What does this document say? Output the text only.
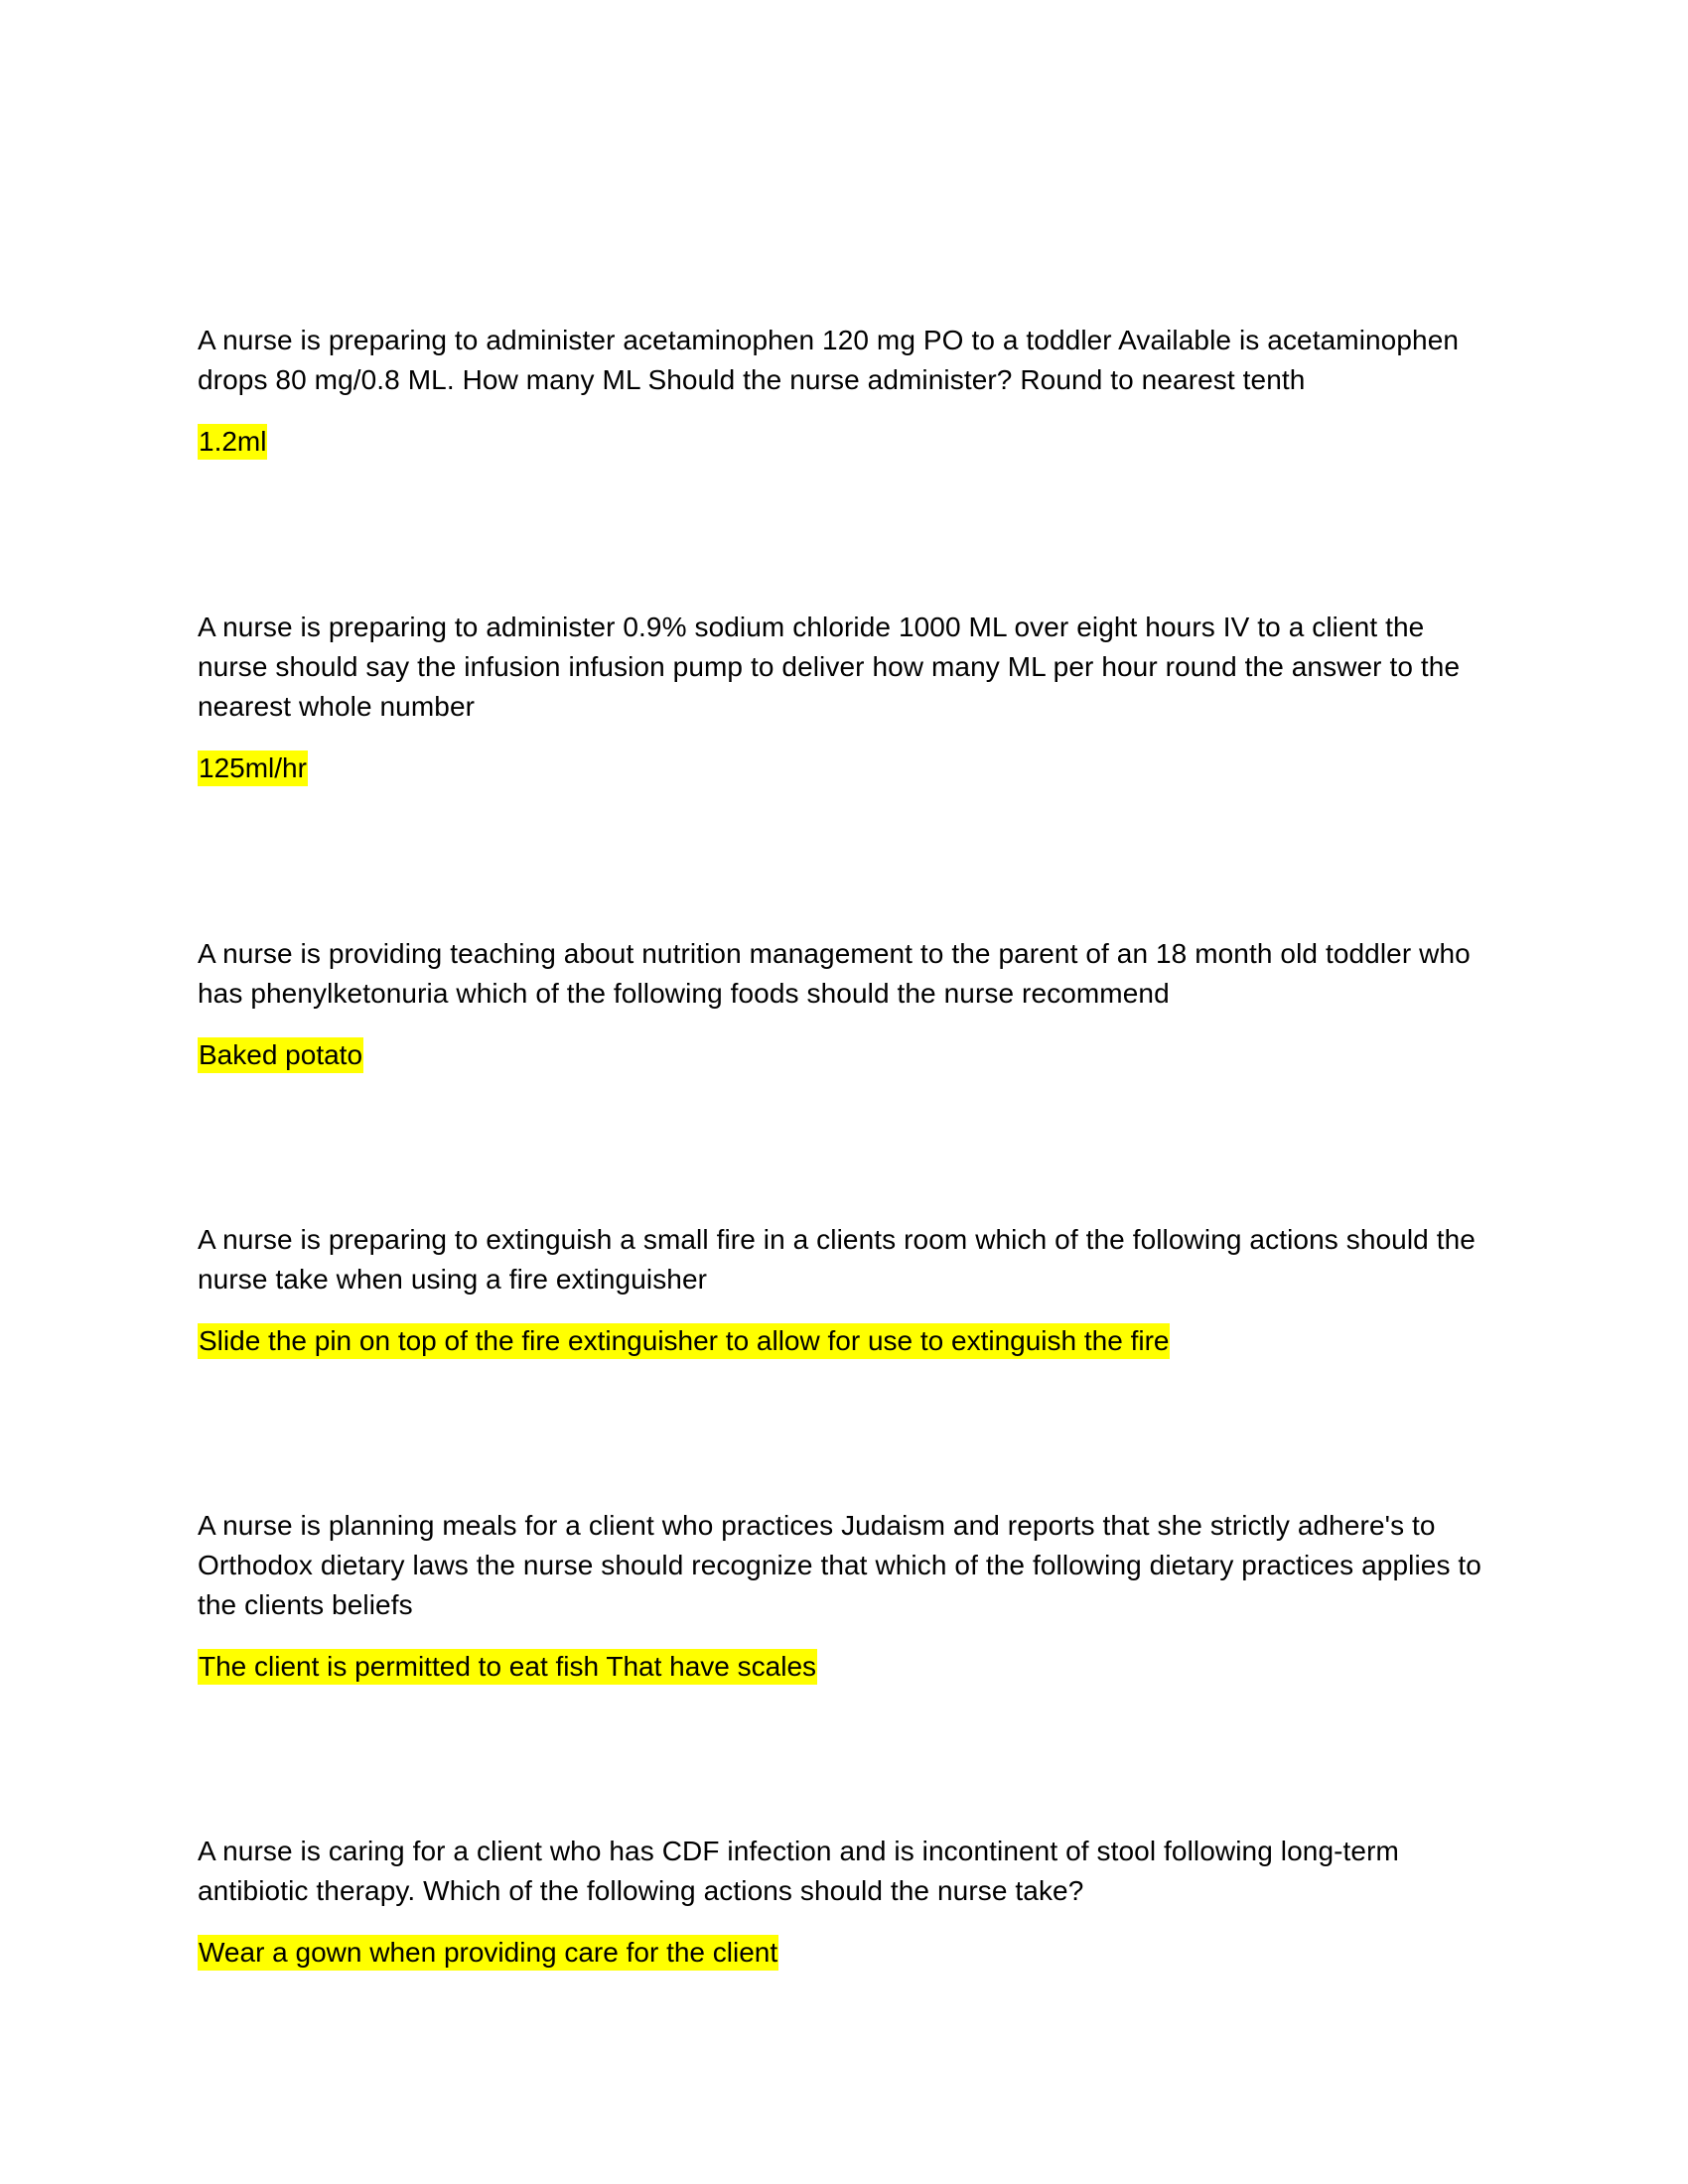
A nurse is preparing to administer acetaminophen 120 mg PO to a toddler Available is acetaminophen drops 80 mg/0.8 ML. How many ML Should the nurse administer? Round to nearest tenth

1.2ml

A nurse is preparing to administer 0.9% sodium chloride 1000 ML over eight hours IV to a client the nurse should say the infusion infusion pump to deliver how many ML per hour round the answer to the nearest whole number

125ml/hr

A nurse is providing teaching about nutrition management to the parent of an 18 month old toddler who has phenylketonuria which of the following foods should the nurse recommend

Baked potato

A nurse is preparing to extinguish a small fire in a clients room which of the following actions should the nurse take when using a fire extinguisher

Slide the pin on top of the fire extinguisher to allow for use to extinguish the fire

A nurse is planning meals for a client who practices Judaism and reports that she strictly adhere's to Orthodox dietary laws the nurse should recognize that which of the following dietary practices applies to the clients beliefs

The client is permitted to eat fish That have scales

A nurse is caring for a client who has CDF infection and is incontinent of stool following long-term antibiotic therapy. Which of the following actions should the nurse take?

Wear a gown when providing care for the client
